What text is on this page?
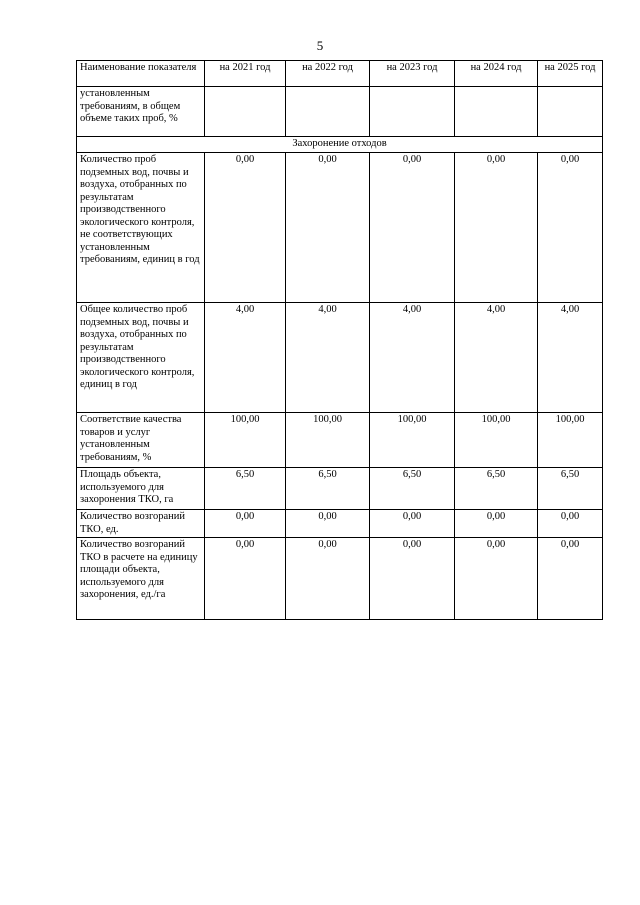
5
Наименование показателя	на 2021 год	на 2022 год	на 2023 год	на 2024 год	на 2025 год
установленным требованиям, в общем объеме таких проб, %					
Захоронение отходов					
Количество проб подземных вод, почвы и воздуха, отобранных по результатам производственного экологического контроля, не соответствующих установленным требованиям, единиц в год	0,00	0,00	0,00	0,00	0,00
Общее количество проб подземных вод, почвы и воздуха, отобранных по результатам производственного экологического контроля, единиц в год	4,00	4,00	4,00	4,00	4,00
Соответствие качества товаров и услуг установленным требованиям, %	100,00	100,00	100,00	100,00	100,00
Площадь объекта, используемого для захоронения ТКО, га	6,50	6,50	6,50	6,50	6,50
Количество возгораний ТКО, ед.	0,00	0,00	0,00	0,00	0,00
Количество возгораний ТКО в расчете на единицу площади объекта, используемого для захоронения, ед./га	0,00	0,00	0,00	0,00	0,00
